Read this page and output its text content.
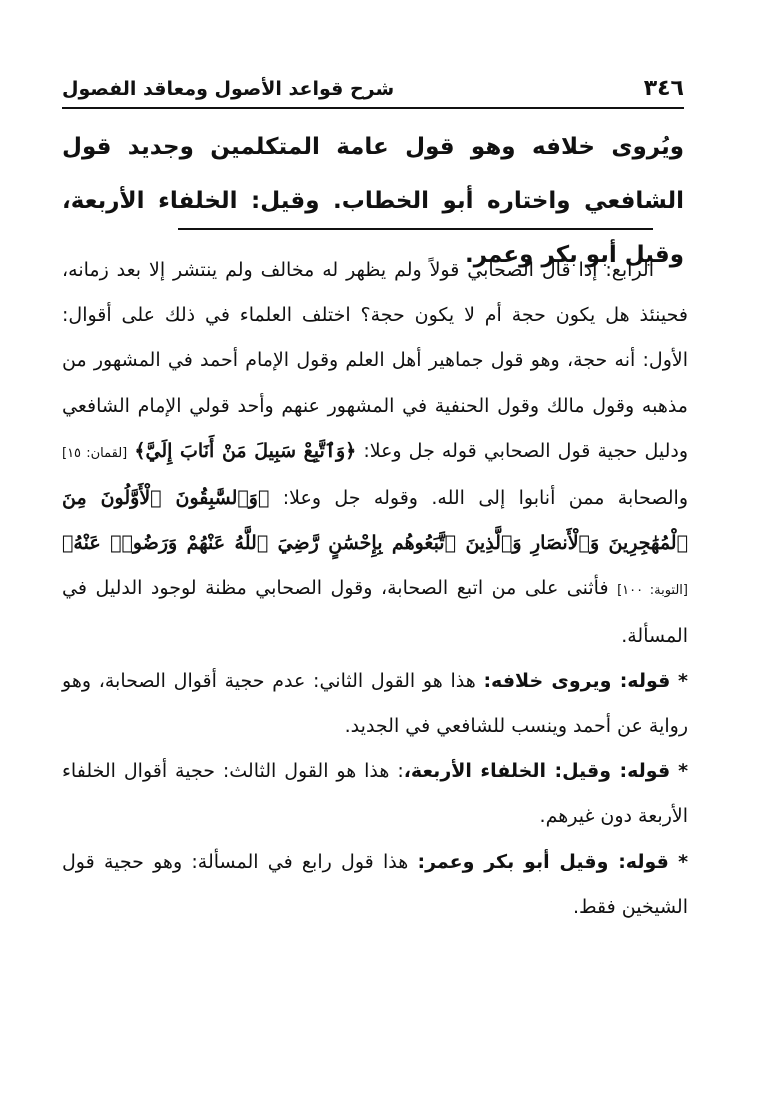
٣٤٦
شرح قواعد الأصول ومعاقد الفصول
ويُروى خلافه وهو قول عامة المتكلمين وجديد قول الشافعي واختاره أبو الخطاب. وقيل: الخلفاء الأربعة، وقيل أبو بكر وعمر.

الرابع: إذا قال الصحابي قولاً ولم يظهر له مخالف ولم ينتشر إلا بعد زمانه، فحينئذ هل يكون حجة أم لا يكون حجة؟ اختلف العلماء في ذلك على أقوال: الأول: أنه حجة، وهو قول جماهير أهل العلم وقول الإمام أحمد في المشهور من مذهبه وقول مالك وقول الحنفية في المشهور عنهم وأحد قولي الإمام الشافعي ودليل حجية قول الصحابي قوله جل وعلا: ﴿وَٱتَّبِعْ سَبِيلَ مَنْ أَنَابَ إِلَيَّ﴾ [لقمان: ١٥] والصحابة ممن أنابوا إلى الله. وقوله جل وعلا: ﴿وَٱلسَّٰبِقُونَ ٱلْأَوَّلُونَ مِنَ ٱلْمُهَٰجِرِينَ وَٱلْأَنصَارِ وَٱلَّذِينَ ٱتَّبَعُوهُم بِإِحْسَٰنٍ رَّضِيَ ٱللَّهُ عَنْهُمْ وَرَضُوا۟ عَنْهُ﴾ [التوبة: ١٠٠] فأثنى على من اتبع الصحابة، وقول الصحابي مظنة لوجود الدليل في المسألة.

* قوله: ويروى خلافه: هذا هو القول الثاني: عدم حجية أقوال الصحابة، وهو رواية عن أحمد وينسب للشافعي في الجديد.

* قوله: وقيل: الخلفاء الأربعة،: هذا هو القول الثالث: حجية أقوال الخلفاء الأربعة دون غيرهم.

* قوله: وقيل أبو بكر وعمر: هذا قول رابع في المسألة: وهو حجية قول الشيخين فقط.
